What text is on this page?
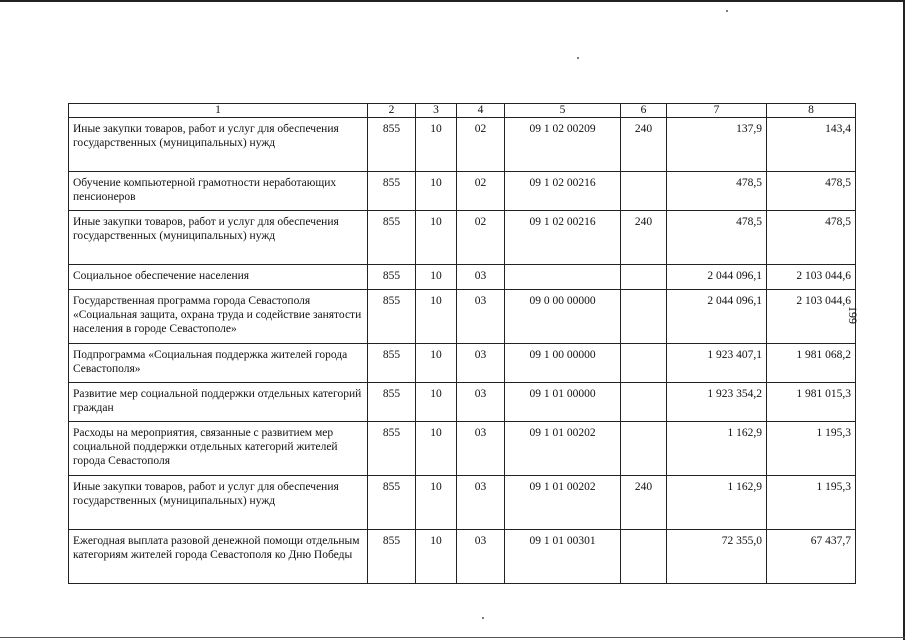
1	2	3	4	5	6	7	8
Иные закупки товаров, работ и услуг для обеспечения государственных (муниципальных) нужд	855	10	02	09 1 02 00209	240	137,9	143,4
Обучение компьютерной грамотности неработающих пенсионеров	855	10	02	09 1 02 00216		478,5	478,5
Иные закупки товаров, работ и услуг для обеспечения государственных (муниципальных) нужд	855	10	02	09 1 02 00216	240	478,5	478,5
Социальное обеспечение населения	855	10	03			2 044 096,1	2 103 044,6
Государственная программа города Севастополя «Социальная защита, охрана труда и содействие занятости населения в городе Севастополе»	855	10	03	09 0 00 00000		2 044 096,1	2 103 044,6
Подпрограмма «Социальная поддержка жителей города Севастополя»	855	10	03	09 1 00 00000		1 923 407,1	1 981 068,2
Развитие мер социальной поддержки отдельных категорий граждан	855	10	03	09 1 01 00000		1 923 354,2	1 981 015,3
Расходы на мероприятия, связанные с развитием мер социальной поддержки отдельных категорий жителей города Севастополя	855	10	03	09 1 01 00202		1 162,9	1 195,3
Иные закупки товаров, работ и услуг для обеспечения государственных (муниципальных) нужд	855	10	03	09 1 01 00202	240	1 162,9	1 195,3
Ежегодная выплата разовой денежной помощи отдельным категориям жителей города Севастополя ко Дню Победы	855	10	03	09 1 01 00301		72 355,0	67 437,7
199
